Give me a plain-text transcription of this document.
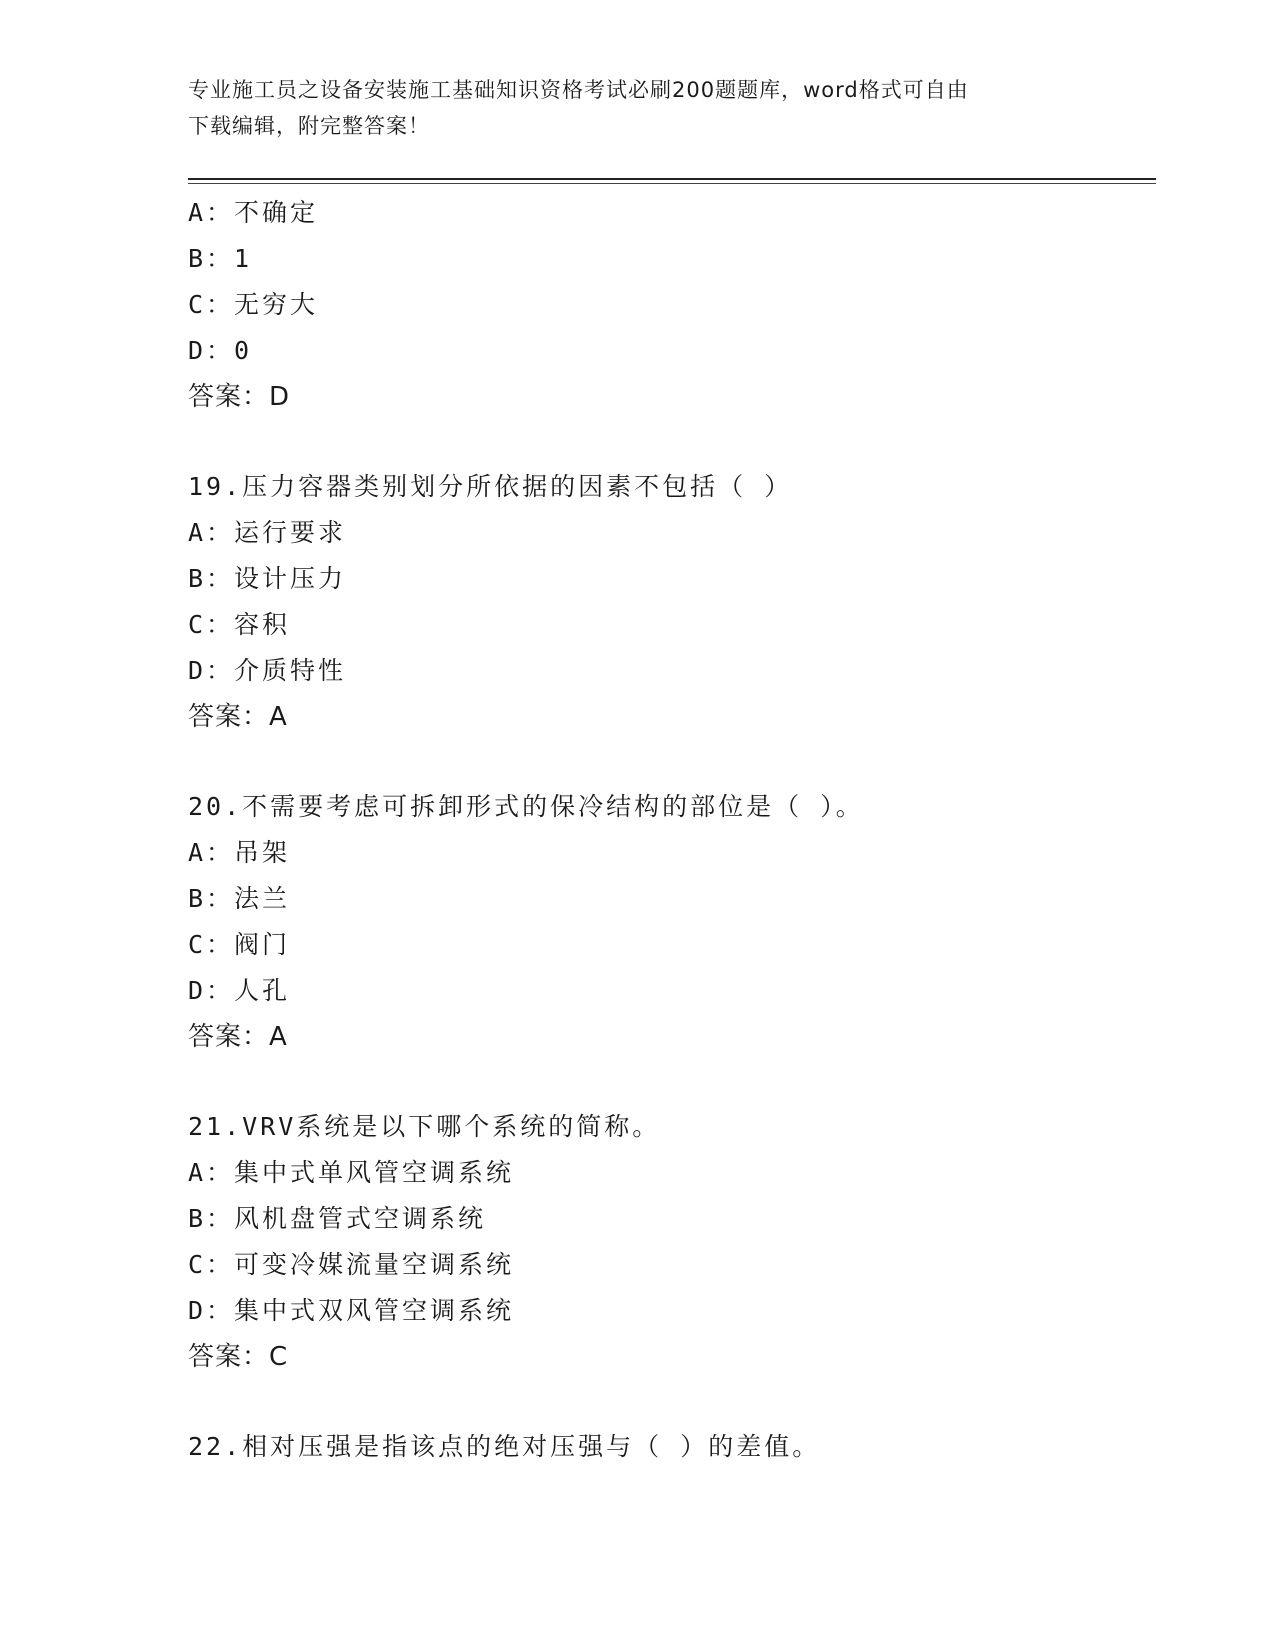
专业施工员之设备安装施工基础知识资格考试必刷200题题库，word格式可自由
下载编辑，附完整答案！
A：不确定
B：1
C：无穷大
D：0
答案：D
19.压力容器类别划分所依据的因素不包括（ ）
A：运行要求
B：设计压力
C：容积
D：介质特性
答案：A
20.不需要考虑可拆卸形式的保冷结构的部位是（ ）。
A：吊架
B：法兰
C：阀门
D：人孔
答案：A
21.VRV系统是以下哪个系统的简称。
A：集中式单风管空调系统
B：风机盘管式空调系统
C：可变冷媒流量空调系统
D：集中式双风管空调系统
答案：C
22.相对压强是指该点的绝对压强与（ ）的差值。
